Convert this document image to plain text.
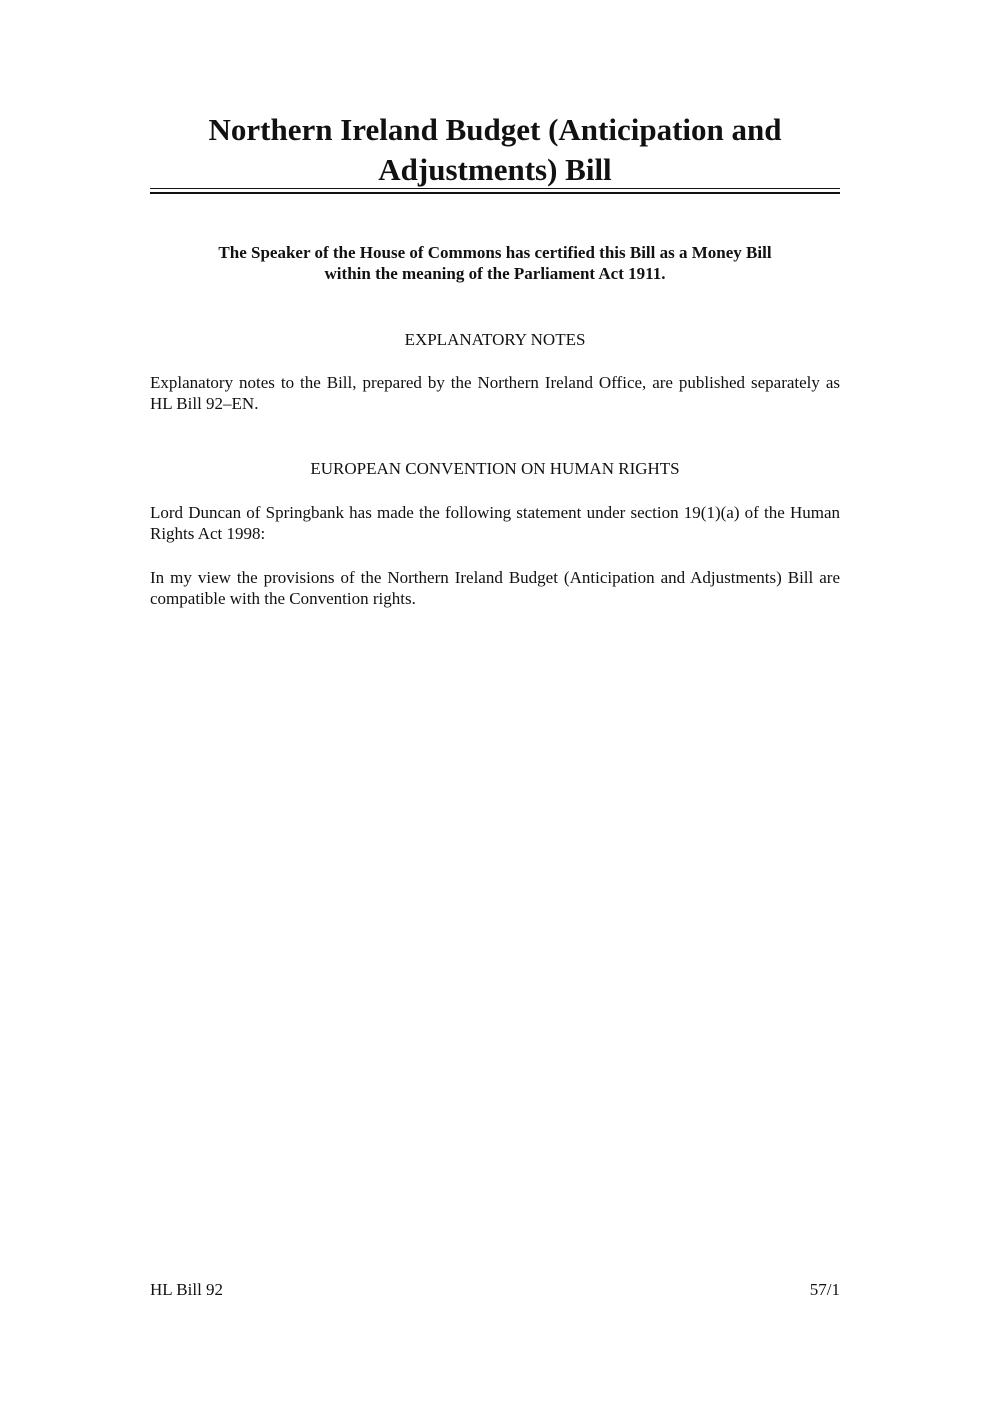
Northern Ireland Budget (Anticipation and
Adjustments) Bill

The Speaker of the House of Commons has certified this Bill as a Money Bill
within the meaning of the Parliament Act 1911.

EXPLANATORY NOTES

Explanatory notes to the Bill, prepared by the Northern Ireland Office, are published separately as HL Bill 92–EN.

EUROPEAN CONVENTION ON HUMAN RIGHTS

Lord Duncan of Springbank has made the following statement under section 19(1)(a) of the Human Rights Act 1998:

In my view the provisions of the Northern Ireland Budget (Anticipation and Adjustments) Bill are compatible with the Convention rights.

HL Bill 92	57/1
